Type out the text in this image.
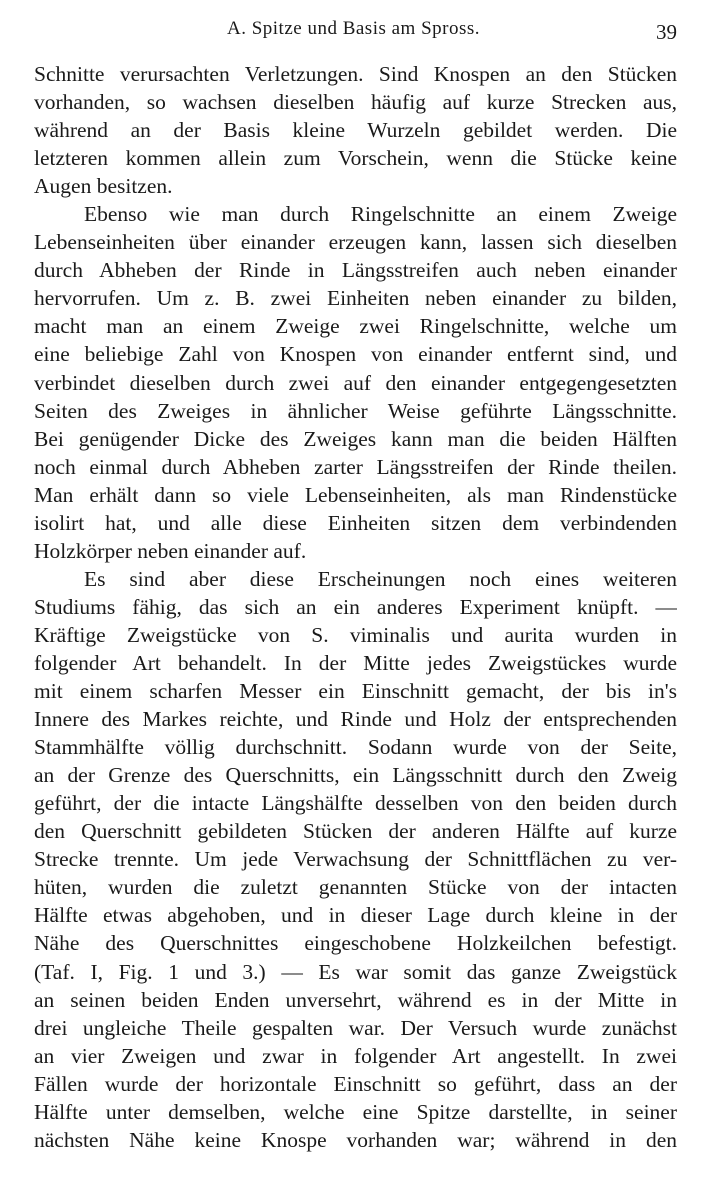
A. Spitze und Basis am Spross.	39
Schnitte verursachten Verletzungen. Sind Knospen an den Stücken
vorhanden, so wachsen dieselben häufig auf kurze Strecken aus,
während an der Basis kleine Wurzeln gebildet werden. Die
letzteren kommen allein zum Vorschein, wenn die Stücke keine
Augen besitzen.
Ebenso wie man durch Ringelschnitte an einem Zweige
Lebenseinheiten über einander erzeugen kann, lassen sich dieselben
durch Abheben der Rinde in Längsstreifen auch neben einander
hervorrufen. Um z. B. zwei Einheiten neben einander zu bilden,
macht man an einem Zweige zwei Ringelschnitte, welche um
eine beliebige Zahl von Knospen von einander entfernt sind, und
verbindet dieselben durch zwei auf den einander entgegengesetzten
Seiten des Zweiges in ähnlicher Weise geführte Längsschnitte.
Bei genügender Dicke des Zweiges kann man die beiden Hälften
noch einmal durch Abheben zarter Längsstreifen der Rinde theilen.
Man erhält dann so viele Lebenseinheiten, als man Rindenstücke
isolirt hat, und alle diese Einheiten sitzen dem verbindenden
Holzkörper neben einander auf.
Es sind aber diese Erscheinungen noch eines weiteren
Studiums fähig, das sich an ein anderes Experiment knüpft. —
Kräftige Zweigstücke von S. viminalis und aurita wurden in
folgender Art behandelt. In der Mitte jedes Zweigstückes wurde
mit einem scharfen Messer ein Einschnitt gemacht, der bis in's
Innere des Markes reichte, und Rinde und Holz der entsprechenden
Stammhälfte völlig durchschnitt. Sodann wurde von der Seite,
an der Grenze des Querschnitts, ein Längsschnitt durch den Zweig
geführt, der die intacte Längshälfte desselben von den beiden durch
den Querschnitt gebildeten Stücken der anderen Hälfte auf kurze
Strecke trennte. Um jede Verwachsung der Schnittflächen zu ver-
hüten, wurden die zuletzt genannten Stücke von der intacten
Hälfte etwas abgehoben, und in dieser Lage durch kleine in der
Nähe des Querschnittes eingeschobene Holzkeilchen befestigt.
(Taf. I, Fig. 1 und 3.) — Es war somit das ganze Zweigstück
an seinen beiden Enden unversehrt, während es in der Mitte in
drei ungleiche Theile gespalten war. Der Versuch wurde zunächst
an vier Zweigen und zwar in folgender Art angestellt. In zwei
Fällen wurde der horizontale Einschnitt so geführt, dass an der
Hälfte unter demselben, welche eine Spitze darstellte, in seiner
nächsten Nähe keine Knospe vorhanden war; während in den
